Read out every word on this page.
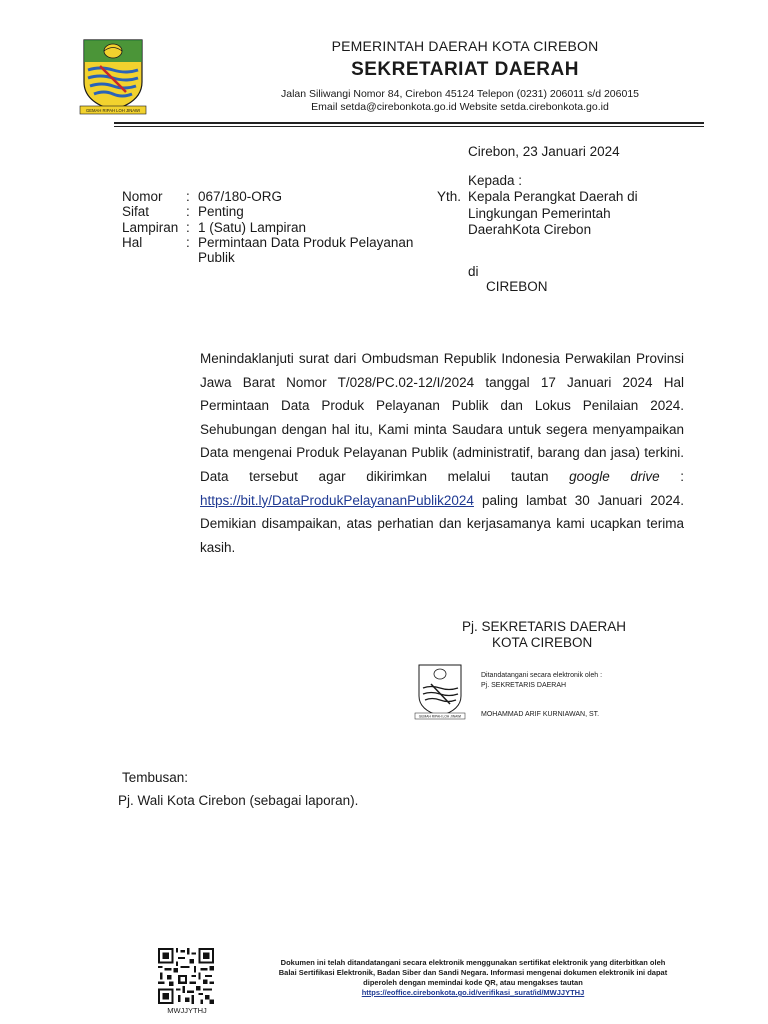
GEMAH RIPAH LOH JINAWI
PEMERINTAH DAERAH KOTA CIREBON
SEKRETARIAT DAERAH
Jalan Siliwangi Nomor 84, Cirebon 45124 Telepon (0231) 206011 s/d 206015
Email setda@cirebonkota.go.id Website setda.cirebonkota.go.id
Cirebon, 23 Januari 2024
Kepada :
Yth. Kepala Perangkat Daerah di
Lingkungan Pemerintah
DaerahKota Cirebon
di
CIREBON
Nomor : 067/180-ORG
Sifat	: Penting
Lampiran : 1 (Satu) Lampiran
Hal	: Permintaan Data Produk Pelayanan
Publik
Menindaklanjuti surat dari Ombudsman Republik Indonesia Perwakilan Provinsi Jawa Barat Nomor T/028/PC.02-12/I/2024 tanggal 17 Januari 2024 Hal Permintaan Data Produk Pelayanan Publik dan Lokus Penilaian 2024. Sehubungan dengan hal itu, Kami minta Saudara untuk segera menyampaikan Data mengenai Produk Pelayanan Publik (administratif, barang dan jasa) terkini. Data tersebut agar dikirimkan melalui tautan google drive : https://bit.ly/DataProdukPelayananPublik2024 paling lambat 30 Januari 2024. Demikian disampaikan, atas perhatian dan kerjasamanya kami ucapkan terima kasih.
Pj. SEKRETARIS DAERAH
KOTA CIREBON
GEMAH RIPAH LOH JINAWI
Ditandatangani secara elektronik oleh :
Pj. SEKRETARIS DAERAH
MOHAMMAD ARIF KURNIAWAN, ST.
Tembusan:
Pj. Wali Kota Cirebon (sebagai laporan).
MWJJYTHJ
Dokumen ini telah ditandatangani secara elektronik menggunakan sertifikat elektronik yang diterbitkan oleh
Balai Sertifikasi Elektronik, Badan Siber dan Sandi Negara. Informasi mengenai dokumen elektronik ini dapat
diperoleh dengan memindai kode QR, atau mengakses tautan
https://eoffice.cirebonkota.go.id/verifikasi_surat/id/MWJJYTHJ
